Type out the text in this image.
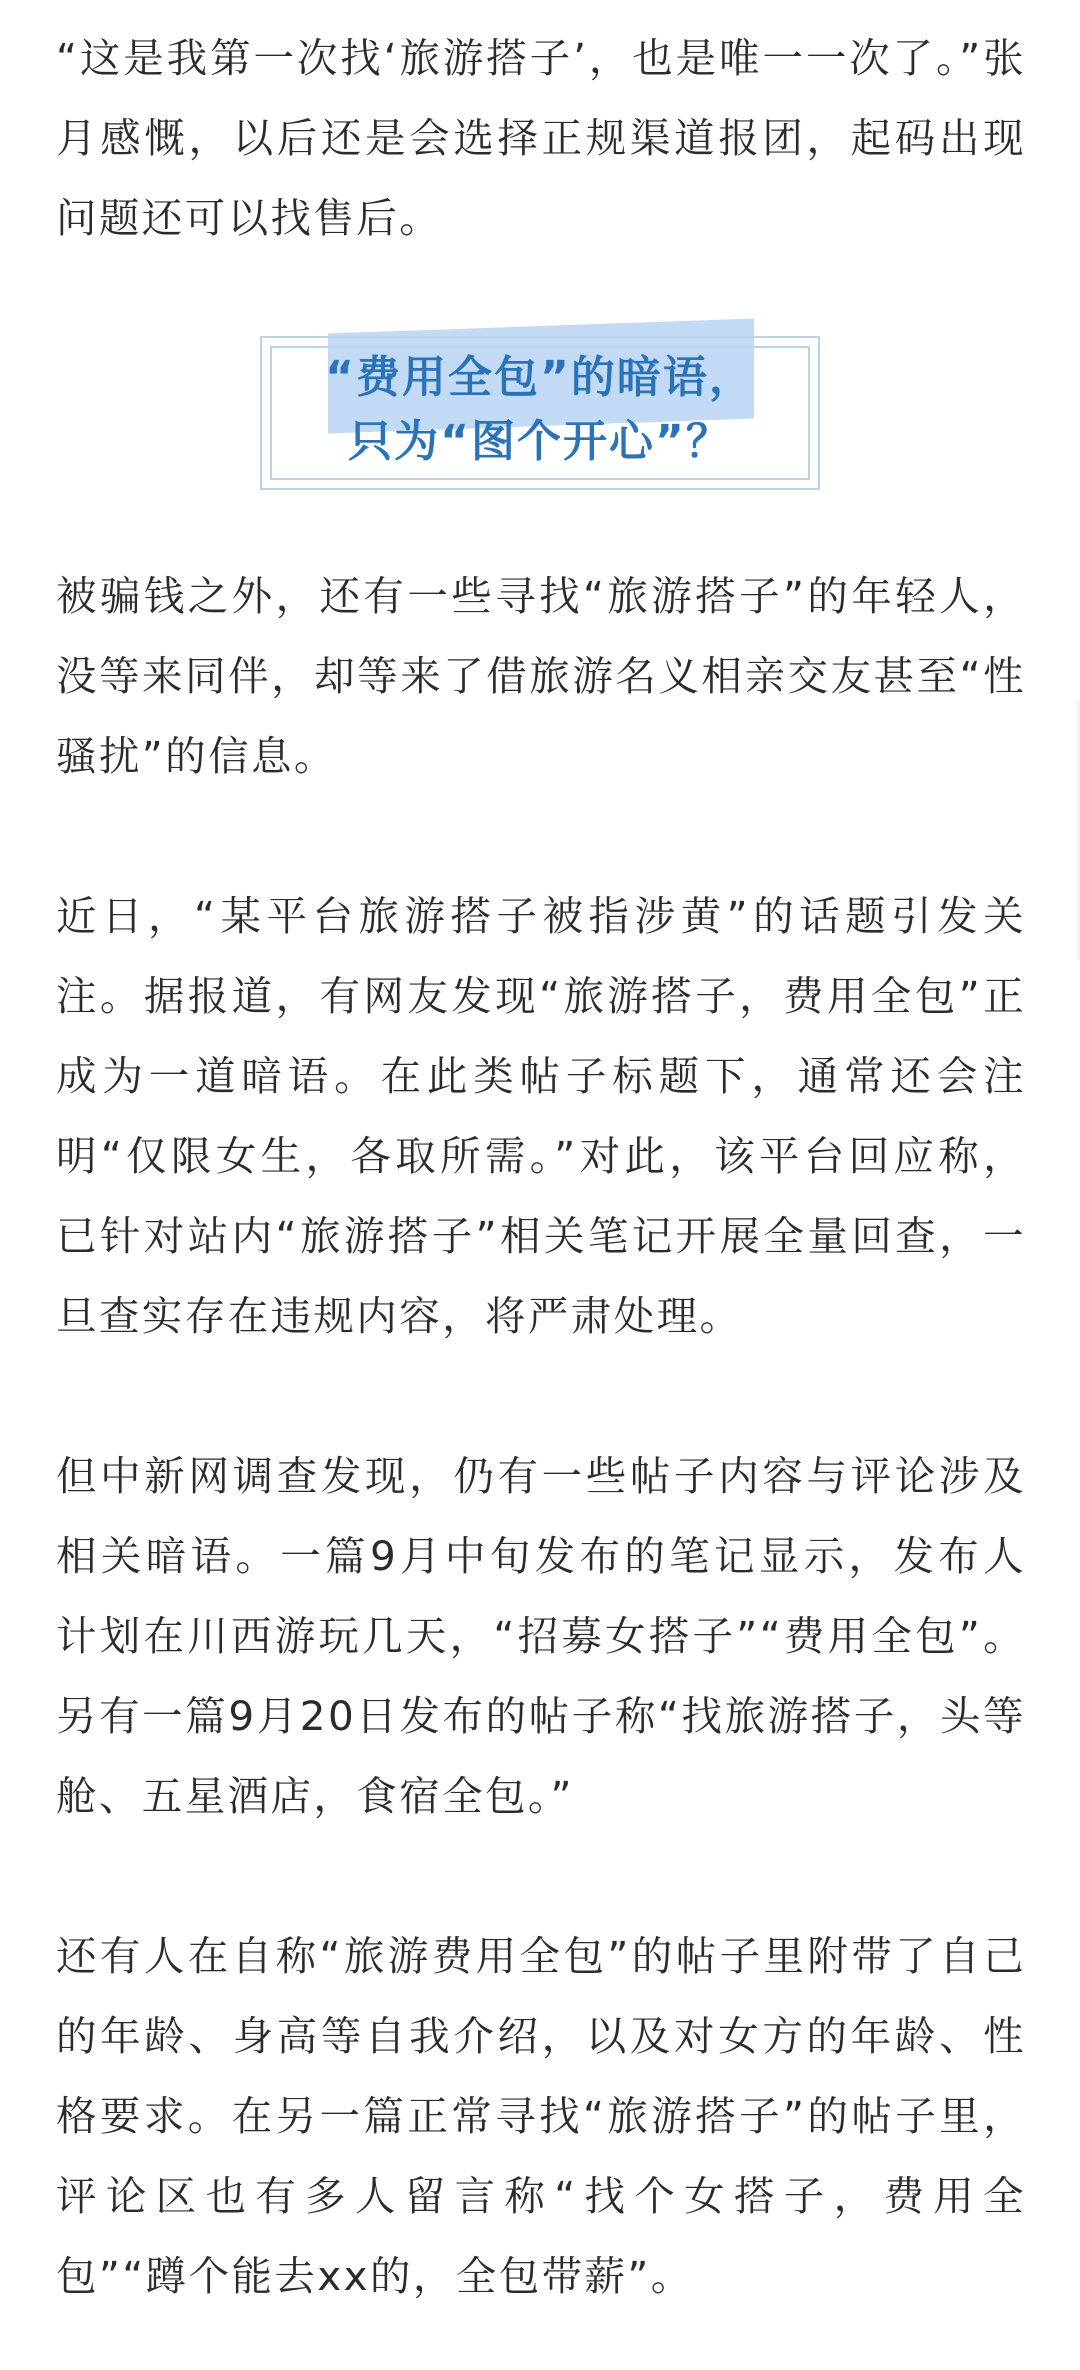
“这是我第一次找‘旅游搭子’，也是唯一一次了。”张月感慨，以后还是会选择正规渠道报团，起码出现问题还可以找售后。

“费用全包”的暗语，
只为“图个开心”？

被骗钱之外，还有一些寻找“旅游搭子”的年轻人，没等来同伴，却等来了借旅游名义相亲交友甚至“性骚扰”的信息。

近日，“某平台旅游搭子被指涉黄”的话题引发关注。据报道，有网友发现“旅游搭子，费用全包”正成为一道暗语。在此类帖子标题下，通常还会注明“仅限女生，各取所需。”对此，该平台回应称，已针对站内“旅游搭子”相关笔记开展全量回查，一旦查实存在违规内容，将严肃处理。

但中新网调查发现，仍有一些帖子内容与评论涉及相关暗语。一篇9月中旬发布的笔记显示，发布人计划在川西游玩几天，“招募女搭子”“费用全包”。另有一篇9月20日发布的帖子称“找旅游搭子，头等舱、五星酒店，食宿全包。”

还有人在自称“旅游费用全包”的帖子里附带了自己的年龄、身高等自我介绍，以及对女方的年龄、性格要求。在另一篇正常寻找“旅游搭子”的帖子里，评论区也有多人留言称“找个女搭子，费用全包”“蹲个能去xx的，全包带薪”。
